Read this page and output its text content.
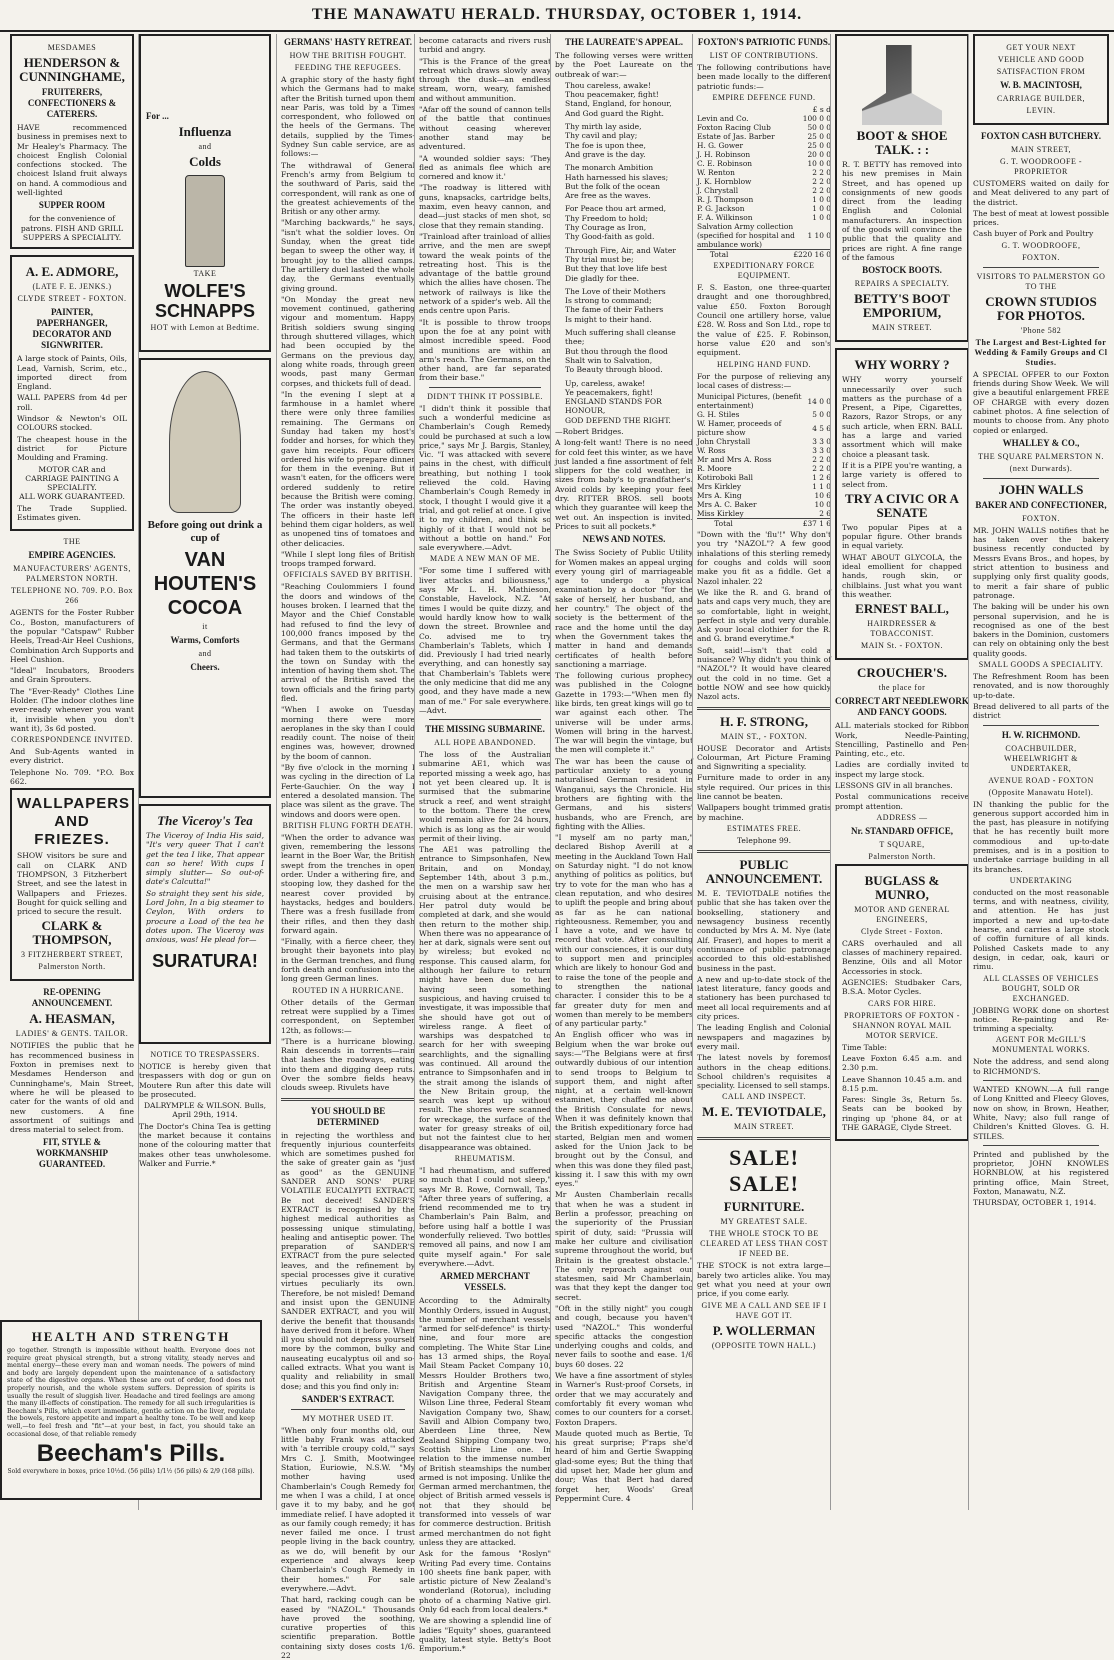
THE MANAWATU HERALD. THURSDAY, OCTOBER 1, 1914.
MESDAMES
HENDERSON & CUNNINGHAME,
FRUITERERS, CONFECTIONERS & CATERERS.
HAVE recommenced business in premises next to Mr Healey's Pharmacy. The choicest English Colonial confections stocked. The choicest Island fruit always on hand. A commodious and well-lighted
SUPPER ROOM
for the convenience of patrons. FISH AND GRILL SUPPERS A SPECIALITY.
A. E. ADMORE,
(LATE F. E. JENKS.)
CLYDE STREET - FOXTON.
PAINTER, PAPERHANGER, DECORATOR AND SIGNWRITER.
A large stock of Paints, Oils, Lead, Varnish, Scrim, etc., imported direct from England.
WALL PAPERS from 4d per roll.
Windsor & Newton's OIL COLOURS stocked.
The cheapest house in the district for Picture Moulding and Framing.
MOTOR CAR and CARRIAGE PAINTING A SPECIALITY.
ALL WORK GUARANTEED.
The Trade Supplied. Estimates given.
THE
EMPIRE AGENCIES.
MANUFACTURERS' AGENTS, PALMERSTON NORTH.
TELEPHONE NO. 709. P.O. Box 266
AGENTS for the Foster Rubber Co., Boston, manufacturers of the popular "Catspaw" Rubber Heels, Tread-Air Heel Cushions, Combination Arch Supports and Heel Cushion.
"Ideal" Incubators, Brooders and Grain Sprouters.
The "Ever-Ready" Clothes Line Holder. (The indoor clothes line ever-ready whenever you want it, invisible when you don't want it), 3s 6d posted.
CORRESPONDENCE INVITED.
And Sub-Agents wanted in every district.
Telephone No. 709. "P.O. Box 662.
WALLPAPERS AND FRIEZES.
SHOW visitors be sure and call on CLARK AND THOMPSON, 3 Fitzherbert Street, and see the latest in Wallpapers and Friezes. Bought for quick selling and priced to secure the result.
CLARK & THOMPSON,
3 FITZHERBERT STREET,
Palmerston North.
RE-OPENING ANNOUNCEMENT.
A. HEASMAN,
LADIES' & GENTS. TAILOR.
NOTIFIES the public that he has recommenced business in Foxton in premises next to Mesdames Henderson and Cunninghame's, Main Street, where he will be pleased to cater for the wants of old and new customers. A fine assortment of suitings and dress material to select from.
FIT, STYLE & WORKMANSHIP GUARANTEED.
For ...
Influenza
and
Colds
TAKE
WOLFE'S SCHNAPPS
HOT with Lemon at Bedtime.
Before going out drink a cup of
VAN HOUTEN'S COCOA
it
Warms, Comforts
and
Cheers.
The Viceroy's Tea
The Viceroy of India His said, "It's very queer That I can't get the tea I like, That appear can so here! With cups I simply slutter— So out-of-date's Calcutta!"
So straight they sent his side, Lord John, In a big steamer to Ceylon, With orders to procure a Load of the tea he dotes upon. The Viceroy was anxious, was! He plead for—
SURATURA!
NOTICE TO TRESPASSERS.
NOTICE is hereby given that trespassers with dog or gun on Moutere Run after this date will be prosecuted.
DALRYMPLE & WILSON. Bulls, April 29th, 1914.
The Doctor's China Tea is getting the market because it contains none of the colouring matter that makes other teas unwholesome. Walker and Furrie.*
GERMANS' HASTY RETREAT.
HOW THE BRITISH FOUGHT.
FEEDING THE REFUGEES.
A graphic story of the hasty fight which the Germans had to make after the British turned upon them near Paris, was told by a Times correspondent, who followed on the heels of the Germans. The details, supplied by the Times-Sydney Sun cable service, are as follows:—
The withdrawal of General French's army from Belgium to the southward of Paris, said the correspondent, will rank as one of the greatest achievements of the British or any other army.
"Marching backwards," he says, "isn't what the soldier loves. On Sunday, when the great tide began to sweep the other way, it brought joy to the allied camps. The artillery duel lasted the whole day, the Germans eventually giving ground.
"On Monday the great new movement continued, gathering vigour and momentum. Happy British soldiers swung singing through shuttered villages, which had been occupied by the Germans on the previous day, along white roads, through green woods, past many German corpses, and thickets full of dead.
"In the evening I slept at a farmhouse in a hamlet where there were only three families remaining. The Germans on Sunday had taken my host's fodder and horses, for which they gave him receipts. Four officers ordered his wife to prepare dinner for them in the evening. But it wasn't eaten, for the officers were ordered suddenly to retire because the British were coming. The order was instantly obeyed. The officers in their haste left behind them cigar holders, as well as unopened tins of tomatoes and other delicacies.
"While I slept long files of British troops tramped forward.
OFFICIALS SAVED BY BRITISH.
"Reaching Coulommiers I found the doors and windows of the houses broken. I learned that the Mayor and the Chief Constable had refused to find the levy of 100,000 francs imposed by the Germans, and that the Germans had taken them to the outskirts of the town on Sunday with the intention of having them shot. The arrival of the British saved the town officials and the firing party fled.
"When I awoke on Tuesday morning there were more aeroplanes in the sky than I could readily count. The noise of their engines was, however, drowned by the boom of cannon.
"By five o'clock in the morning I was cycling in the direction of La Ferte-Gauchier. On the way I entered a desolated mansion. The place was silent as the grave. The windows and doors were open.
BRITISH FLUNG FORTH DEATH.
"When the order to advance was given, remembering the lessons learnt in the Boer War, the British swept from the trenches in open order. Under a withering fire, and stooping low, they dashed for the nearest cover provided by haystacks, hedges and boulders. There was a fresh fusillade from their rifles, and then they dash forward again.
"Finally, with a fierce cheer, they brought their bayonets into play in the German trenches, and flung forth death and confusion into the long green German lines.
ROUTED IN A HURRICANE.
Other details of the German retreat were supplied by a Times correspondent, on September 12th, as follows:—
"There is a hurricane blowing. Rain descends in torrents—rain that lashes the roadways, eating into them and digging deep ruts. Over the sombre fields heavy clouds sweep. Rivulets have
YOU SHOULD BE DETERMINED
in rejecting the worthless and frequently injurious counterfeits which are sometimes pushed for the sake of greater gain as "just as good" as the GENUINE SANDER AND SONS' PURE VOLATILE EUCALYPTI EXTRACT. Be not deceived! SANDER'S EXTRACT is recognised by the highest medical authorities as possessing unique stimulating, healing and antiseptic power. The preparation of SANDER'S EXTRACT from the pure selected leaves, and the refinement by special processes give it curative virtues peculiarly its own. Therefore, be not misled! Demand and insist upon the GENUINE SANDER EXTRACT, and you will derive the benefit that thousands have derived from it before. When ill you should not depress yourself more by the common, bulky and nauseating eucalyptus oil and so-called extracts. What you want is quality and reliability in small dose; and this you find only in:
SANDER'S EXTRACT.
MY MOTHER USED IT.
"When only four months old, our little baby Frank was attacked with 'a terrible croupy cold,'" says Mrs C. J. Smith, Mootwingee Station, Euriowie, N.S.W. "My mother having used Chamberlain's Cough Remedy for me when I was a child, I at once gave it to my baby, and he got immediate relief. I have adopted it as our family cough remedy; it has never failed me once. I trust people living in the back country, as we do, will benefit by our experience and always keep Chamberlain's Cough Remedy in their homes." For sale everywhere.—Advt.
That hard, racking cough can be eased by "NAZOL." Thousands have proved the soothing, curative properties of this scientific preparation. Bottle containing sixty doses costs 1/6. 22
become cataracts and rivers rush turbid and angry.
"This is the France of the great retreat which draws slowly away through the dusk—an endless stream, worn, weary, famished and without ammunition.
"Afar off the sound of cannon tells of the battle that continues without ceasing wherever another stand may be adventured.
"A wounded soldier says: 'They fled as animals flee which are cornered and know it.'
"The roadway is littered with guns, knapsacks, cartridge belts, maxim, even heavy cannon, and dead—just stacks of men shot, so close that they remain standing.
"Trainload after trainload of allies arrive, and the men are swept toward the weak points of the retreating host. This is the advantage of the battle ground which the allies have chosen. The network of railways is like the network of a spider's web. All the ends centre upon Paris.
"It is possible to throw troops upon the foe at any point with almost incredible speed. Food and munitions are within an arm's reach. The Germans, on the other hand, are far separated from their base."
DIDN'T THINK IT POSSIBLE.
"I didn't think it possible that such a wonderful medicine as Chamberlain's Cough Remedy could be purchased at such a low price," says Mr J. Bargis, Stanley, Vic. "I was attacked with severe pains in the chest, with difficult breathing, but nothing I took relieved the cold. Having Chamberlain's Cough Remedy in stock, I thought I would give it a trial, and got relief at once. I give it to my children, and think so highly of it that I would not be without a bottle on hand." For sale everywhere.—Advt.
MADE A NEW MAN OF ME.
"For some time I suffered with liver attacks and biliousness," says Mr L. H. Mathieson, Constable, Havelock, N.Z. "At times I would be quite dizzy, and would hardly know how to walk down the street. Brownlee and Co. advised me to try Chamberlain's Tablets, which I did. Previously I had tried nearly everything, and can honestly say that Chamberlain's Tablets were the only medicine that did me any good, and they have made a new man of me." For sale everywhere.—Advt.
THE MISSING SUBMARINE.
ALL HOPE ABANDONED.
The loss of the Australian submarine AE1, which was reported missing a week ago, has not yet been cleared up. It is surmised that the submarine struck a reef, and went straight to the bottom. There the crew would remain alive for 24 hours, which is as long as the air would permit of their living.
The AE1 was patrolling the entrance to Simpsonhafen, New Britain, and on Monday, September 14th, about 3 p.m., the men on a warship saw her cruising about at the entrance. Her patrol duty would be completed at dark, and she would then return to the mother ship. When there was no appearance of her at dark, signals were sent out by wireless; but evoked no response. This caused alarm, for although her failure to return might have been due to her having seen something suspicious, and having cruised to investigate, it was impossible that she should have got out of wireless range. A fleet of warships was despatched to search for her with sweeping searchlights, and the signalling was continued. All around the entrance to Simpsonhafen and in the strait among the islands of the New Britain group, the search was kept up without result. The shores were scanned for wreckage, the surface of the water for greasy streaks of oil, but not the faintest clue to her disappearance was obtained.
RHEUMATISM.
"I had rheumatism, and suffered so much that I could not sleep," says Mr B. Rowe, Cornwall, Tas. "After three years of suffering, a friend recommended me to try Chamberlain's Pain Balm, and before using half a bottle I was wonderfully relieved. Two bottles removed all pains, and now I am quite myself again." For sale everywhere.—Advt.
ARMED MERCHANT VESSELS.
According to the Admiralty Monthly Orders, issued in August, the number of merchant vessels "armed for self-defence" is thirty-nine, and four more are completing. The White Star Line has 13 armed ships, the Royal Mail Steam Packet Company 10, Messrs Houlder Brothers two, British and Argentine Steam Navigation Company three, the Wilson Line three, Federal Steam Navigation Company two, Shaw, Savill and Albion Company two, Aberdeen Line three, New Zealand Shipping Company two, Scottish Shire Line one. In relation to the immense number of British steamships the number armed is not imposing. Unlike the German armed merchantmen, the object of British armed vessels is not that they should be transformed into vessels of war for commerce destruction. British armed merchantmen do not fight unless they are attacked.
Ask for the famous "Roslyn" Writing Pad every time. Contains 100 sheets fine bank paper, with artistic picture of New Zealand's wonderland (Rotorua), including photo of a charming Native girl. Only 6d each from local dealers.*
We are showing a splendid line of ladies "Equity" shoes, guaranteed quality, latest style. Betty's Boot Emporium.*
THE LAUREATE'S APPEAL.
The following verses were written by the Poet Laureate on the outbreak of war:—
Thou careless, awake!
Thou peacemaker, fight!
Stand, England, for honour,
And God guard the Right.
Thy mirth lay aside,
Thy cavil and play;
The foe is upon thee,
And grave is the day.
The monarch Ambition
Hath harnessed his slaves;
But the folk of the ocean
Are free as the waves.
For Peace thou art armed,
Thy Freedom to hold;
Thy Courage as Iron,
Thy Good-faith as gold.
Through Fire, Air, and Water
Thy trial must be;
But they that love life best
Die gladly for thee.
The Love of their Mothers
Is strong to command;
The fame of their Fathers
Is might to their hand.
Much suffering shall cleanse thee;
But thou through the flood
Shalt win to Salvation,
To Beauty through blood.
Up, careless, awake!
Ye peacemakers, fight!
ENGLAND STANDS FOR HONOUR,
GOD DEFEND THE RIGHT.
—Robert Bridges.
A long-felt want! There is no need for cold feet this winter, as we have just landed a fine assortment of felt slippers for the cold weather, in sizes from baby's to grandfather's. Avoid colds by keeping your feet dry. RITTER BROS. sell boots which they guarantee will keep the wet out. An inspection is invited. Prices to suit all pockets.*
NEWS AND NOTES.
The Swiss Society of Public Utility for Women makes an appeal urging every young girl of marriageable age to undergo a physical examination by a doctor "for the sake of herself, her husband, and her country." The object of the society is the betterment of the race and the home until the day when the Government takes the matter in hand and demands certificates of health before sanctioning a marriage.
The following curious prophecy was published in the Cologne Gazette in 1793:—"When men fly like birds, ten great kings will go to war against each other. The universe will be under arms. Women will bring in the harvest. The war will begin the vintage, but the men will complete it."
The war has been the cause of particular anxiety to a young naturalised German resident in Wanganui, says the Chronicle. His brothers are fighting with the Germans, and his sisters' husbands, who are French, are fighting with the Allies.
"I myself am no party man," declared Bishop Averill at a meeting in the Auckland Town Hall on Saturday night. "I do not know anything of politics as politics, but try to vote for the man who has a clean reputation, and who desires to uplift the people and bring about as far as he can national righteousness. Remember, you and I have a vote, and we have to record that vote. After consulting with our consciences, it is our duty to support men and principles which are likely to honour God and to raise the tone of the people and to strengthen the national character. I consider this to be a far greater duty for men and women than merely to be members of any particular party."
An English officer who was in Belgium when the war broke out says:—"The Belgians were at first outwardly dubious of our intention to send troops to Belgium to support them, and night after night, at a certain well-known estaminet, they chaffed me about the British Consulate for news. When it was definitely known that the British expeditionary force had started, Belgian men and women asked for the Union Jack to be brought out by the Consul, and when this was done they filed past, kissing it. I saw this with my own eyes."
Mr Austen Chamberlain recalls that when he was a student in Berlin a professor, preaching on the superiority of the Prussian spirit of duty, said: "Prussia will make her culture and civilisation supreme throughout the world, but Britain is the greatest obstacle." The only reproach against our statesmen, said Mr Chamberlain, was that they kept the danger too secret.
"Oft in the stilly night" you cough and cough, because you haven't used "NAZOL." This wonderful specific attacks the congestion underlying coughs and colds, and never fails to soothe and ease. 1/6 buys 60 doses. 22
We have a fine assortment of styles in Warner's Rust-proof Corsets, in order that we may accurately and comfortably fit every woman who comes to our counters for a corset. Foxton Drapers.
Maude quoted much as Bertie, To his great surprise; P'raps she'd heard of him and Gertie Swapping glad-some eyes; But the thing that did upset her, Made her glum and dour; Was that Bert had dared forget her, Woods' Great Peppermint Cure. 4
FOXTON'S PATRIOTIC FUNDS.
LIST OF CONTRIBUTIONS.
The following contributions have been made locally to the different patriotic funds:—
EMPIRE DEFENCE FUND.
£ s d
Levin and Co.	100 0 0
Foxton Racing Club	50 0 0
Estate of Jas. Barber	25 0 0
H. G. Gower	25 0 0
J. H. Robinson	20 0 0
C. E. Robinson	10 0 0
W. Renton	2 2 0
J. K. Hornblow	2 2 0
J. Chrystall	2 2 0
R. J. Thompson	1 0 0
P. G. Jackson	1 0 0
F. A. Wilkinson	1 0 0
Salvation Army collection (specified for hospital and ambulance work)	1 10 0
Total	£220 16 0
EXPEDITIONARY FORCE EQUIPMENT.
F. S. Easton, one three-quarter draught and one thoroughbred, value £50. Foxton Borough Council one artillery horse, value £28. W. Ross and Son Ltd., rope to the value of £25. F. Robinson, horse value £20 and son's equipment.
HELPING HAND FUND.
For the purpose of relieving any local cases of distress:—
Municipal Pictures, (benefit entertainment)	14 0 0
G. H. Stiles	5 0 0
W. Hamer, proceeds of picture show	4 5 6
John Chrystall	3 3 0
W. Ross	3 3 0
Mr and Mrs A. Ross	2 2 0
R. Moore	2 2 0
Kotiroboki Ball	1 2 6
Mrs Kirkley	1 1 0
Mrs A. King	10 6
Mrs A. C. Baker	10 0
Miss Kirkley	2 6
Total	£37 1 6
"Down with the 'flu'!" Why don't you try "NAZOL"? A few good inhalations of this sterling remedy for coughs and colds will soon make you fit as a fiddle. Get a Nazol inhaler. 22
We like the R. and G. brand of hats and caps very much, they are so comfortable, light in weight, perfect in style and very durable. Ask your local clothier for the R. and G. brand everytime.*
Soft, said!—isn't that cold a nuisance? Why didn't you think of "NAZOL"? It would have cleared out the cold in no time. Get a bottle NOW and see how quickly Nazol acts.
H. F. STRONG,
MAIN ST., - FOXTON.
HOUSE Decorator and Artists Colourman, Art Picture Framing and Signwriting a speciality.
Furniture made to order in any style required. Our prices in this line cannot be beaten.
Wallpapers bought trimmed gratis by machine.
ESTIMATES FREE.
Telephone 99.
PUBLIC ANNOUNCEMENT.
M. E. TEVIOTDALE notifies the public that she has taken over the bookselling, stationery and newsagency business recently conducted by Mrs A. M. Nye (late Alf. Fraser), and hopes to merit a continuance of public patronage accorded to this old-established business in the past.
A new and up-to-date stock of the latest literature, fancy goods and stationery has been purchased to meet all local requirements and at city prices.
The leading English and Colonial newspapers and magazines by every mail.
The latest novels by foremost authors in the cheap editions. School children's requisites a speciality. Licensed to sell stamps.
CALL AND INSPECT.
M. E. TEVIOTDALE,
MAIN STREET.
SALE! SALE!
FURNITURE.
MY GREATEST SALE.
THE WHOLE STOCK TO BE CLEARED AT LESS THAN COST IF NEED BE.
THE STOCK is not extra large—barely two articles alike. You may get what you need at your own price, if you come early.
GIVE ME A CALL AND SEE IF I HAVE GOT IT.
P. WOLLERMAN
(OPPOSITE TOWN HALL.)
BOOT & SHOE TALK. : :
R. T. BETTY has removed into his new premises in Main Street, and has opened up consignments of new goods direct from the leading English and Colonial manufacturers. An inspection of the goods will convince the public that the quality and prices are right. A fine range of the famous
BOSTOCK BOOTS.
REPAIRS A SPECIALTY.
BETTY'S BOOT EMPORIUM,
MAIN STREET.
WHY WORRY ?
WHY worry yourself unnecessarily over such matters as the purchase of a Present, a Pipe, Cigarettes, Razors, Razor Strops, or any such article, when ERN. BALL has a large and varied assortment which will make choice a pleasant task.
If it is a PIPE you're wanting, a large variety is offered to select from.
TRY A CIVIC OR A SENATE
Two popular Pipes at a popular figure. Other brands in equal variety.
WHAT ABOUT GLYCOLA, the ideal emollient for chapped hands, rough skin, or chilblains. Just what you want this weather.
ERNEST BALL,
HAIRDRESSER & TOBACCONIST.
MAIN St. - FOXTON.
CROUCHER'S.
the place for
CORRECT ART NEEDLEWORK AND FANCY GOODS.
ALL materials stocked for Ribbon Work, Needle-Painting, Stencilling, Pastinello and Pen-Painting, etc., etc.
Ladies are cordially invited to inspect my large stock.
LESSONS GIV in all branches.
Postal communications receive prompt attention.
ADDRESS —
Nr. STANDARD OFFICE,
T SQUARE,
Palmerston North.
BUGLASS & MUNRO,
MOTOR AND GENERAL ENGINEERS,
Clyde Street - Foxton.
CARS overhauled and all classes of machinery repaired. Benzine, Oils and all Motor Accessories in stock.
AGENCIES: Studbaker Cars, B.S.A. Motor Cycles.
CARS FOR HIRE.
PROPRIETORS OF FOXTON - SHANNON ROYAL MAIL MOTOR SERVICE.
Time Table:
Leave Foxton 6.45 a.m. and 2.30 p.m.
Leave Shannon 10.45 a.m. and 8.15 p.m.
Fares: Single 3s, Return 5s. Seats can be booked by ringing up 'phone 84, or at THE GARAGE, Clyde Street.
GET YOUR NEXT
VEHICLE AND GOOD
SATISFACTION FROM
W. B. MACINTOSH,
CARRIAGE BUILDER,
LEVIN.
FOXTON CASH BUTCHERY.
MAIN STREET,
G. T. WOODROOFE - PROPRIETOR
CUSTOMERS waited on daily for and Meat delivered to any part of the district.
The best of meat at lowest possible prices.
Cash buyer of Pork and Poultry
G. T. WOODROOFE,
FOXTON.
VISITORS TO PALMERSTON GO TO THE
CROWN STUDIOS FOR PHOTOS.
'Phone 582
The Largest and Best-Lighted for Wedding & Family Groups and Cl Studies.
A SPECIAL OFFER to our Foxton friends during Show Week. We will give a beautiful enlargement FREE OF CHARGE with every dozen cabinet photos. A fine selection of mounts to choose from. Any photo copied or enlarged.
WHALLEY & CO.,
THE SQUARE PALMERSTON N.
(next Durwards).
JOHN WALLS
BAKER AND CONFECTIONER,
FOXTON.
MR. JOHN WALLS notifies that he has taken over the bakery business recently conducted by Messrs Evans Bros., and hopes, by strict attention to business and supplying only first quality goods, to merit a fair share of public patronage.
The baking will be under his own personal supervision, and he is recognised as one of the best bakers in the Dominion, customers can rely on obtaining only the best quality goods.
SMALL GOODS A SPECIALITY.
The Refreshment Room has been renovated, and is now thoroughly up-to-date.
Bread delivered to all parts of the district
H. W. RICHMOND.
COACHBUILDER, WHEELWRIGHT & UNDERTAKER,
AVENUE ROAD - FOXTON
(Opposite Manawatu Hotel).
IN thanking the public for the generous support accorded him in the past, has pleasure in notifying that he has recently built more commodious and up-to-date premises, and is in a position to undertake carriage building in all its branches.
UNDERTAKING
conducted on the most reasonable terms, and with neatness, civility, and attention. He has just imported a new and up-to-date hearse, and carries a large stock of coffin furniture of all kinds. Polished Caskets made to any design, in cedar, oak, kauri or rimu.
ALL CLASSES OF VEHICLES BOUGHT, SOLD OR EXCHANGED.
JOBBING WORK done on shortest notice. Re-painting and Re-trimming a specialty.
AGENT FOR McGILL'S MONUMENTAL WORKS.
Note the address, and send along to RICHMOND'S.
WANTED KNOWN.—A full range of Long Knitted and Fleecy Gloves, now on show, in Brown, Heather, White, Navy; also full range of Children's Knitted Gloves. G. H. STILES.
Printed and published by the proprietor, JOHN KNOWLES HORNBLOW, at his registered printing office, Main Street, Foxton, Manawatu, N.Z.
THURSDAY, OCTOBER 1, 1914.
HEALTH AND STRENGTH
go together. Strength is impossible without health. Everyone does not require great physical strength, but a strong vitality, steady nerves and mental energy—these every man and woman needs. The powers of mind and body are largely dependent upon the maintenance of a satisfactory state of the digestive organs. When these are out of order, food does not properly nourish, and the whole system suffers. Depression of spirits is usually the result of sluggish liver. Headache and tired feelings are among the many ill-effects of constipation. The remedy for all such irregularities is Beecham's Pills, which exert immediate, gentle action on the liver, regulate the bowels, restore appetite and impart a healthy tone. To be well and keep well,—to feel fresh and "fit"—at your best, in fact, you should take an occasional dose, of that reliable remedy
Beecham's Pills.
Sold everywhere in boxes, price 10½d. (56 pills) 1/1½ (56 pills) & 2/9 (168 pills).
